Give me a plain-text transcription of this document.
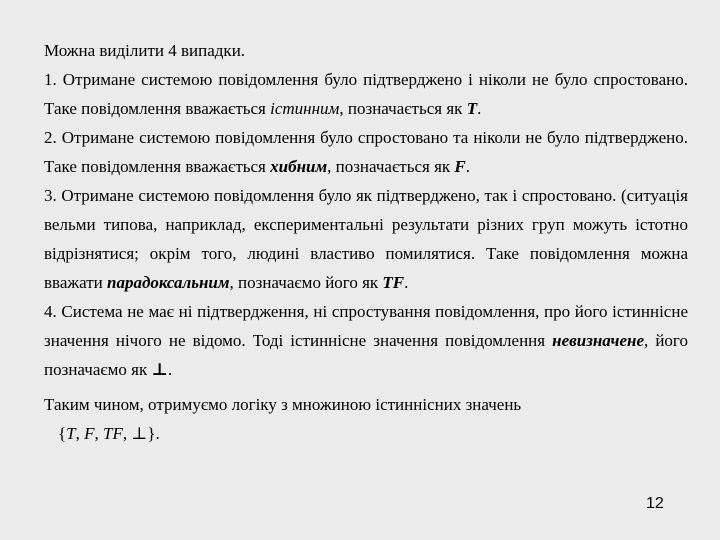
Можна виділити 4 випадки.

1. Отримане системою повідомлення було підтверджено і ніколи не було спростовано. Таке повідомлення вважається істинним, позначається як T.

2. Отримане системою повідомлення було спростовано та ніколи не було підтверджено. Таке повідомлення вважається хибним, позначається як F.

3. Отримане системою повідомлення було як підтверджено, так і спростовано. (ситуація вельми типова, наприклад, експериментальні результати різних груп можуть істотно відрізнятися; окрім того, людині властиво помилятися. Таке повідомлення можна вважати парадоксальним, позначаємо його як TF.

4. Система не має ні підтвердження, ні спростування повідомлення, про його істиннісне значення нічого не відомо. Тоді істиннісне значення повідомлення невизначене, його позначаємо як ⊥.

Таким чином, отримуємо логіку з множиною істиннісних значень

{T, F, TF, ⊥}.

12
